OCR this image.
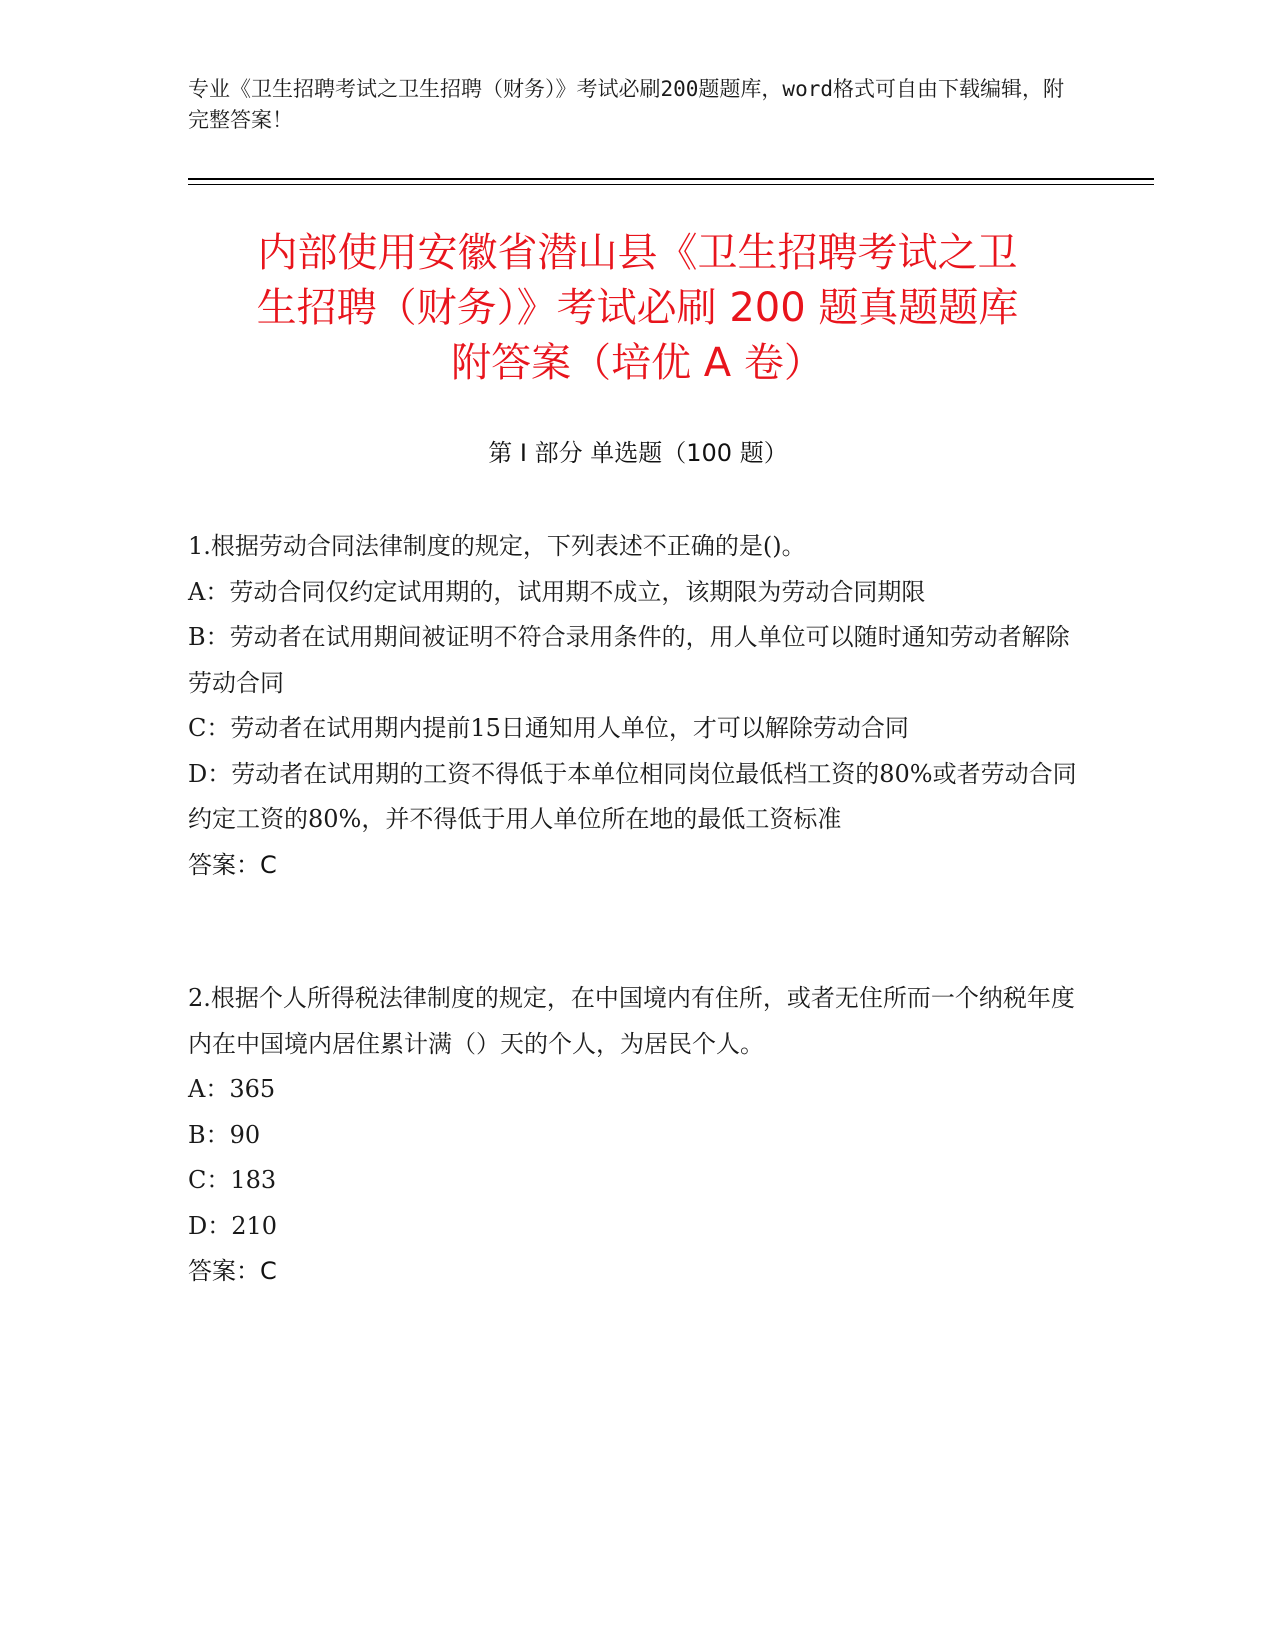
专业《卫生招聘考试之卫生招聘（财务）》考试必刷200题题库，word格式可自由下载编辑，附完整答案！
内部使用安徽省潜山县《卫生招聘考试之卫
生招聘（财务）》考试必刷 200 题真题题库
附答案（培优 A 卷）
第 I 部分 单选题（100 题）
1.根据劳动合同法律制度的规定，下列表述不正确的是()。
A：劳动合同仅约定试用期的，试用期不成立，该期限为劳动合同期限
B：劳动者在试用期间被证明不符合录用条件的，用人单位可以随时通知劳动者解除劳动合同
C：劳动者在试用期内提前15日通知用人单位，才可以解除劳动合同
D：劳动者在试用期的工资不得低于本单位相同岗位最低档工资的80%或者劳动合同约定工资的80%，并不得低于用人单位所在地的最低工资标准
答案：C
2.根据个人所得税法律制度的规定，在中国境内有住所，或者无住所而一个纳税年度内在中国境内居住累计满（）天的个人，为居民个人。
A：365
B：90
C：183
D：210
答案：C
